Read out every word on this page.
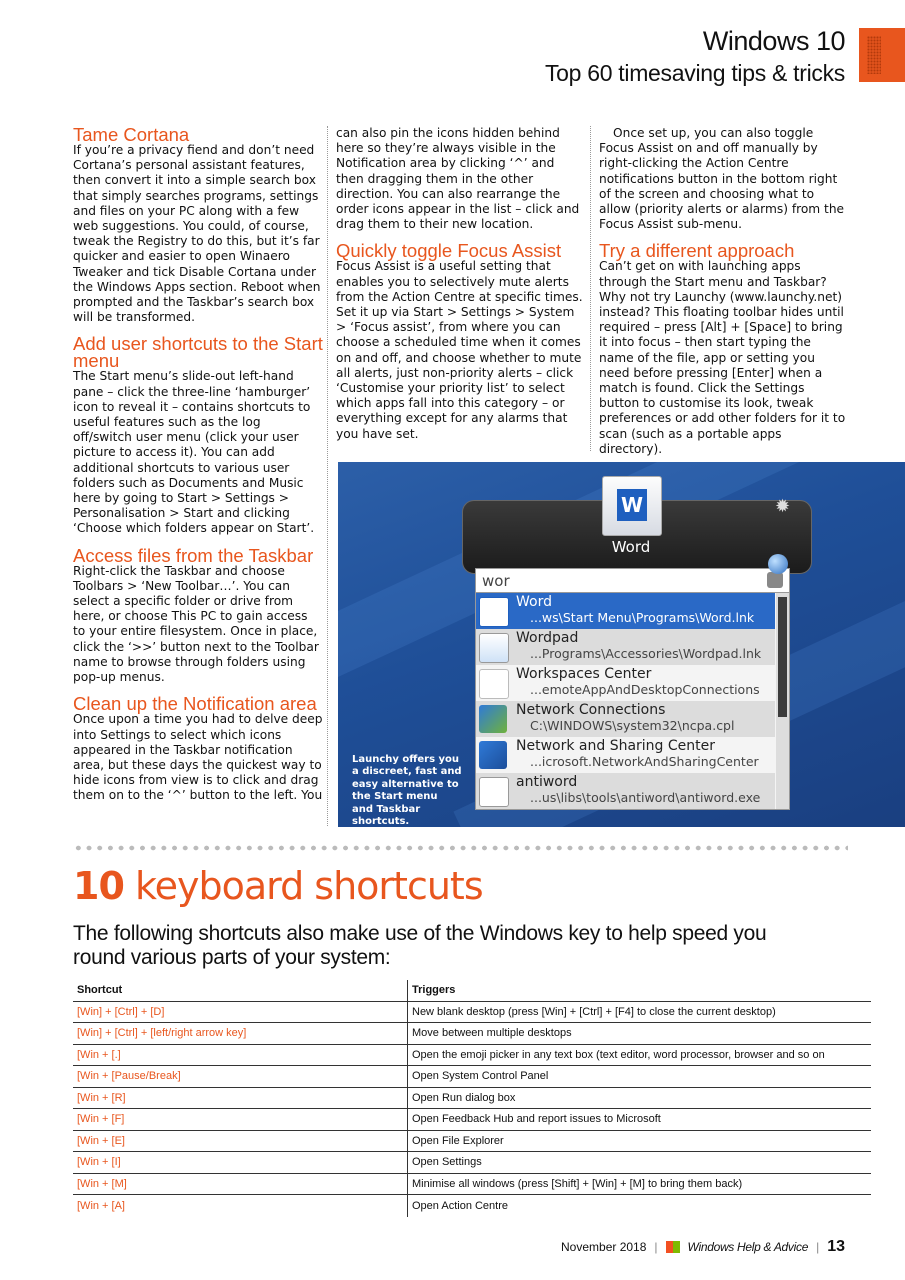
Windows 10
Top 60 timesaving tips & tricks
Tame Cortana

If you’re a privacy fiend and don’t need Cortana’s personal assistant features, then convert it into a simple search box that simply searches programs, settings and files on your PC along with a few web suggestions. You could, of course, tweak the Registry to do this, but it’s far quicker and easier to open Winaero Tweaker and tick Disable Cortana under the Windows Apps section. Reboot when prompted and the Taskbar’s search box will be transformed.

Add user shortcuts to the Start menu

The Start menu’s slide-out left-hand pane – click the three-line ‘hamburger’ icon to reveal it – contains shortcuts to useful features such as the log off/switch user menu (click your user picture to access it). You can add additional shortcuts to various user folders such as Documents and Music here by going to Start > Settings > Personalisation > Start and clicking ‘Choose which folders appear on Start’.

Access files from the Taskbar

Right-click the Taskbar and choose Toolbars > ‘New Toolbar…’. You can select a specific folder or drive from here, or choose This PC to gain access to your entire filesystem. Once in place, click the ‘>>’ button next to the Toolbar name to browse through folders using pop-up menus.

Clean up the Notification area

Once upon a time you had to delve deep into Settings to select which icons appeared in the Taskbar notification area, but these days the quickest way to hide icons from view is to click and drag them on to the ‘^’ button to the left. You

can also pin the icons hidden behind here so they’re always visible in the Notification area by clicking ‘^’ and then dragging them in the other direction. You can also rearrange the order icons appear in the list – click and drag them to their new location.

Quickly toggle Focus Assist

Focus Assist is a useful setting that enables you to selectively mute alerts from the Action Centre at specific times. Set it up via Start > Settings > System > ‘Focus assist’, from where you can choose a scheduled time when it comes on and off, and choose whether to mute all alerts, just non-priority alerts – click ‘Customise your priority list’ to select which apps fall into this category – or everything except for any alarms that you have set.

Once set up, you can also toggle Focus Assist on and off manually by right-clicking the Action Centre notifications button in the bottom right of the screen and choosing what to allow (priority alerts or alarms) from the Focus Assist sub-menu.

Try a different approach

Can’t get on with launching apps through the Start menu and Taskbar? Why not try Launchy (www.launchy.net) instead? This floating toolbar hides until required – press [Alt] + [Space] to bring it into focus – then start typing the name of the file, app or setting you need before pressing [Enter] when a match is found. Click the Settings button to customise its look, tweak preferences or add other folders for it to scan (such as a portable apps directory).

W
Word
✹
wor
Word
...ws\Start Menu\Programs\Word.lnk
Wordpad
...Programs\Accessories\Wordpad.lnk
Workspaces Center
...emoteAppAndDesktopConnections
Network Connections
C:\WINDOWS\system32\ncpa.cpl
Network and Sharing Center
...icrosoft.NetworkAndSharingCenter
antiword
...us\libs\tools\antiword\antiword.exe
Launchy offers you a discreet, fast and easy alternative to the Start menu and Taskbar shortcuts.
10 keyboard shortcuts
The following shortcuts also make use of the Windows key to help speed you round various parts of your system:
Shortcut	Triggers
[Win] + [Ctrl] + [D]	New blank desktop (press [Win] + [Ctrl] + [F4] to close the current desktop)
[Win] + [Ctrl] + [left/right arrow key]	Move between multiple desktops
[Win + [.]	Open the emoji picker in any text box (text editor, word processor, browser and so on
[Win + [Pause/Break]	Open System Control Panel
[Win + [R]	Open Run dialog box
[Win + [F]	Open Feedback Hub and report issues to Microsoft
[Win + [E]	Open File Explorer
[Win + [I]	Open Settings
[Win + [M]	Minimise all windows (press [Shift] + [Win] + [M] to bring them back)
[Win + [A]	Open Action Centre
November 2018 |	Windows Help & Advice | 13
